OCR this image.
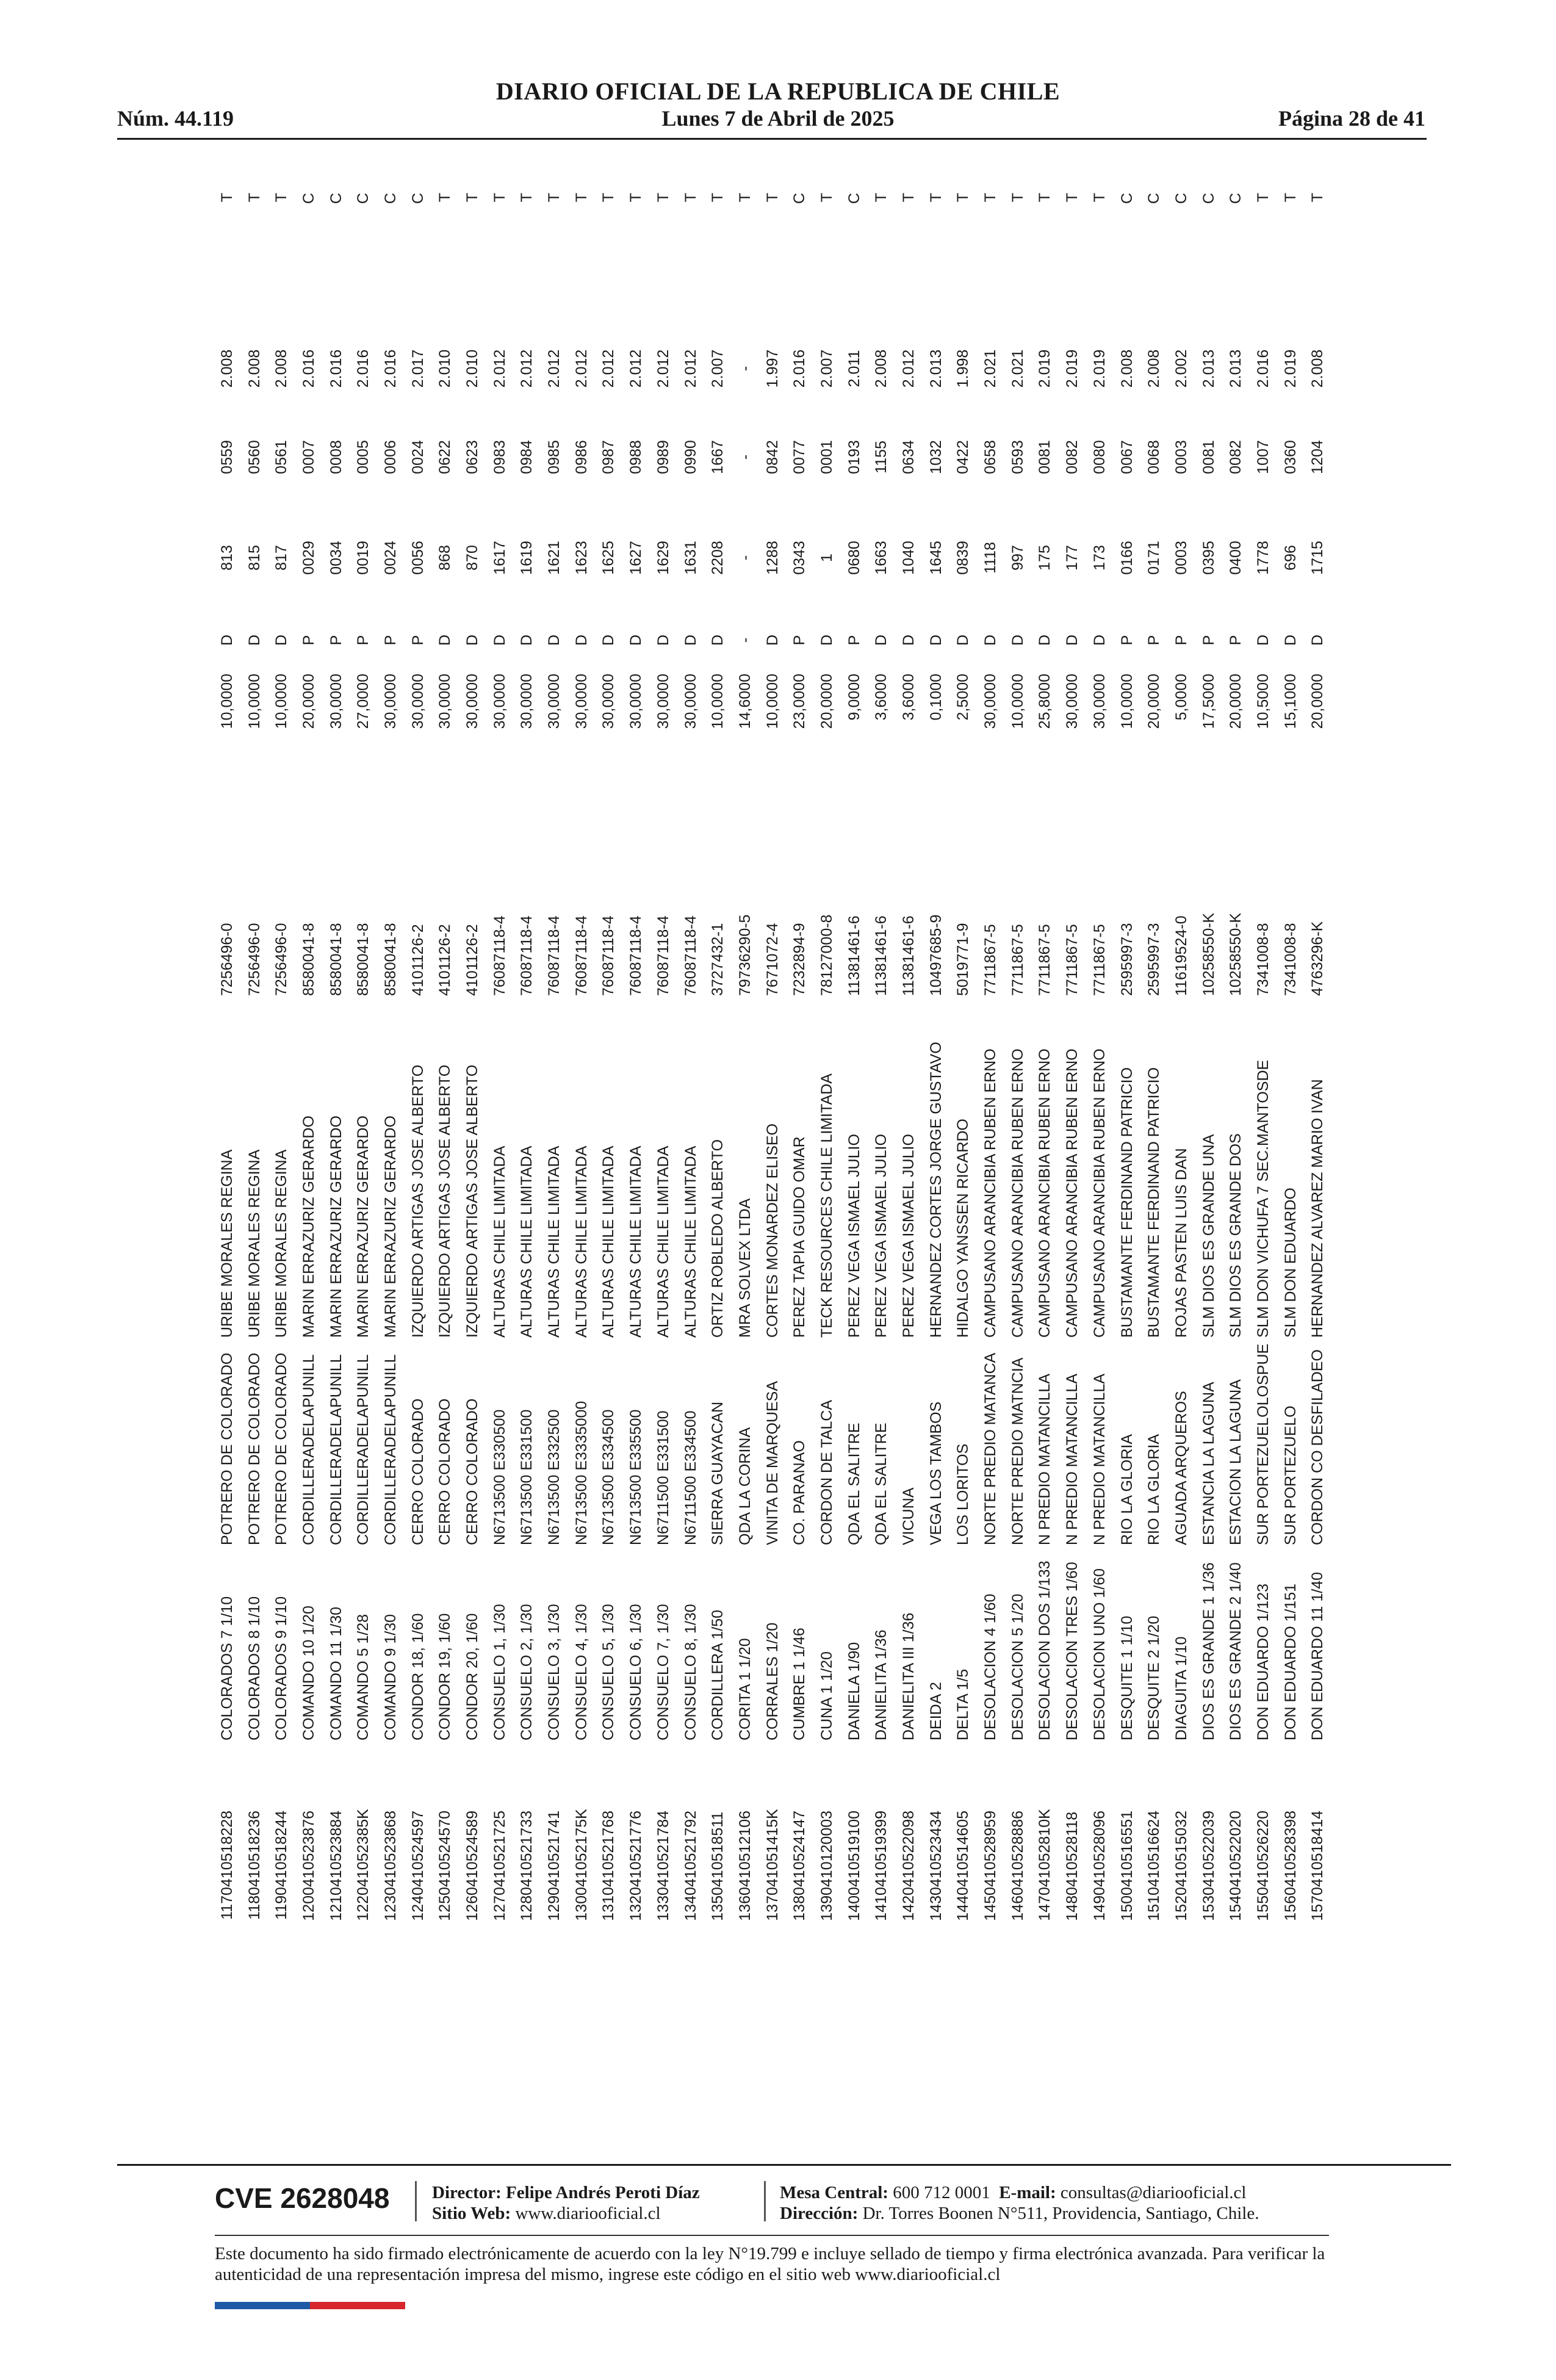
DIARIO OFICIAL DE LA REPUBLICA DE CHILE
Núm. 44.119	Lunes 7 de Abril de 2025	Página 28 de 41
117	0410518228	COLORADOS 7 1/10	POTRERO DE COLORADO	URIBE MORALES REGINA	7256496-0	10,0000	D	813	0559	2.008	T
118	0410518236	COLORADOS 8 1/10	POTRERO DE COLORADO	URIBE MORALES REGINA	7256496-0	10,0000	D	815	0560	2.008	T
119	0410518244	COLORADOS 9 1/10	POTRERO DE COLORADO	URIBE MORALES REGINA	7256496-0	10,0000	D	817	0561	2.008	T
120	0410523876	COMANDO 10 1/20	CORDILLERADELAPUNILL	MARIN ERRAZURIZ GERARDO	8580041-8	20,0000	P	0029	0007	2.016	C
121	0410523884	COMANDO 11 1/30	CORDILLERADELAPUNILL	MARIN ERRAZURIZ GERARDO	8580041-8	30,0000	P	0034	0008	2.016	C
122	041052385K	COMANDO 5 1/28	CORDILLERADELAPUNILL	MARIN ERRAZURIZ GERARDO	8580041-8	27,0000	P	0019	0005	2.016	C
123	0410523868	COMANDO 9 1/30	CORDILLERADELAPUNILL	MARIN ERRAZURIZ GERARDO	8580041-8	30,0000	P	0024	0006	2.016	C
124	0410524597	CONDOR 18, 1/60	CERRO COLORADO	IZQUIERDO ARTIGAS JOSE ALBERTO	4101126-2	30,0000	P	0056	0024	2.017	C
125	0410524570	CONDOR 19, 1/60	CERRO COLORADO	IZQUIERDO ARTIGAS JOSE ALBERTO	4101126-2	30,0000	D	868	0622	2.010	T
126	0410524589	CONDOR 20, 1/60	CERRO COLORADO	IZQUIERDO ARTIGAS JOSE ALBERTO	4101126-2	30,0000	D	870	0623	2.010	T
127	0410521725	CONSUELO 1, 1/30	N6713500 E330500	ALTURAS CHILE LIMITADA	76087118-4	30,0000	D	1617	0983	2.012	T
128	0410521733	CONSUELO 2, 1/30	N6713500 E331500	ALTURAS CHILE LIMITADA	76087118-4	30,0000	D	1619	0984	2.012	T
129	0410521741	CONSUELO 3, 1/30	N6713500 E332500	ALTURAS CHILE LIMITADA	76087118-4	30,0000	D	1621	0985	2.012	T
130	041052175K	CONSUELO 4, 1/30	N6713500 E3335000	ALTURAS CHILE LIMITADA	76087118-4	30,0000	D	1623	0986	2.012	T
131	0410521768	CONSUELO 5, 1/30	N6713500 E334500	ALTURAS CHILE LIMITADA	76087118-4	30,0000	D	1625	0987	2.012	T
132	0410521776	CONSUELO 6, 1/30	N6713500 E335500	ALTURAS CHILE LIMITADA	76087118-4	30,0000	D	1627	0988	2.012	T
133	0410521784	CONSUELO 7, 1/30	N6711500 E331500	ALTURAS CHILE LIMITADA	76087118-4	30,0000	D	1629	0989	2.012	T
134	0410521792	CONSUELO 8, 1/30	N6711500 E334500	ALTURAS CHILE LIMITADA	76087118-4	30,0000	D	1631	0990	2.012	T
135	0410518511	CORDILLERA 1/50	SIERRA GUAYACAN	ORTIZ ROBLEDO ALBERTO	3727432-1	10,0000	D	2208	1667	2.007	T
136	0410512106	CORITA 1 1/20	QDA LA CORINA	MRA SOLVEX LTDA	79736290-5	14,6000	-	-	-	-	T
137	041051415K	CORRALES 1/20	VINITA DE MARQUESA	CORTES MONARDEZ ELISEO	7671072-4	10,0000	D	1288	0842	1.997	T
138	0410524147	CUMBRE 1 1/46	CO. PARANAO	PEREZ TAPIA GUIDO OMAR	7232894-9	23,0000	P	0343	0077	2.016	C
139	0410120003	CUNA 1 1/20	CORDON DE TALCA	TECK RESOURCES CHILE LIMITADA	78127000-8	20,0000	D	1	0001	2.007	T
140	0410519100	DANIELA 1/90	QDA EL SALITRE	PEREZ VEGA ISMAEL JULIO	11381461-6	9,0000	P	0680	0193	2.011	C
141	0410519399	DANIELITA 1/36	QDA EL SALITRE	PEREZ VEGA ISMAEL JULIO	11381461-6	3,6000	D	1663	1155	2.008	T
142	0410522098	DANIELITA III 1/36	VICUNA	PEREZ VEGA ISMAEL JULIO	11381461-6	3,6000	D	1040	0634	2.012	T
143	0410523434	DEIDA 2	VEGA LOS TAMBOS	HERNANDEZ CORTES JORGE GUSTAVO	10497685-9	0,1000	D	1645	1032	2.013	T
144	0410514605	DELTA 1/5	LOS LORITOS	HIDALGO YANSSEN RICARDO	5019771-9	2,5000	D	0839	0422	1.998	T
145	0410528959	DESOLACION 4 1/60	NORTE PREDIO MATANCA	CAMPUSANO ARANCIBIA RUBEN ERNO	7711867-5	30,0000	D	1118	0658	2.021	T
146	0410528886	DESOLACION 5 1/20	NORTE PREDIO MATNCIA	CAMPUSANO ARANCIBIA RUBEN ERNO	7711867-5	10,0000	D	997	0593	2.021	T
147	041052810K	DESOLACION DOS 1/133	N PREDIO MATANCILLA	CAMPUSANO ARANCIBIA RUBEN ERNO	7711867-5	25,8000	D	175	0081	2.019	T
148	0410528118	DESOLACION TRES 1/60	N PREDIO MATANCILLA	CAMPUSANO ARANCIBIA RUBEN ERNO	7711867-5	30,0000	D	177	0082	2.019	T
149	0410528096	DESOLACION UNO 1/60	N PREDIO MATANCILLA	CAMPUSANO ARANCIBIA RUBEN ERNO	7711867-5	30,0000	D	173	0080	2.019	T
150	0410516551	DESQUITE 1 1/10	RIO LA GLORIA	BUSTAMANTE FERDINAND PATRICIO	2595997-3	10,0000	P	0166	0067	2.008	C
151	0410516624	DESQUITE 2 1/20	RIO LA GLORIA	BUSTAMANTE FERDINAND PATRICIO	2595997-3	20,0000	P	0171	0068	2.008	C
152	0410515032	DIAGUITA 1/10	AGUADA ARQUEROS	ROJAS PASTEN LUIS DAN	11619524-0	5,0000	P	0003	0003	2.002	C
153	0410522039	DIOS ES GRANDE 1 1/36	ESTANCIA LA LAGUNA	SLM DIOS ES GRANDE UNA	10258550-K	17,5000	P	0395	0081	2.013	C
154	0410522020	DIOS ES GRANDE 2 1/40	ESTACION LA LAGUNA	SLM DIOS ES GRANDE DOS	10258550-K	20,0000	P	0400	0082	2.013	C
155	0410526220	DON EDUARDO 1/123	SUR PORTEZUELOLOSPUE	SLM DON VICHUFA 7 SEC.MANTOSDE	7341008-8	10,5000	D	1778	1007	2.016	T
156	0410528398	DON EDUARDO 1/151	SUR PORTEZUELO	SLM DON EDUARDO	7341008-8	15,1000	D	696	0360	2.019	T
157	0410518414	DON EDUARDO 11 1/40	CORDON CO DESFILADEO	HERNANDEZ ALVAREZ MARIO IVAN	4763296-K	20,0000	D	1715	1204	2.008	T
CVE 2628048 Director: Felipe Andrés Peroti Díaz
Sitio Web: www.diariooficial.cl
Mesa Central: 600 712 0001 E-mail: consultas@diariooficial.cl
Dirección: Dr. Torres Boonen N°511, Providencia, Santiago, Chile.
Este documento ha sido firmado electrónicamente de acuerdo con la ley N°19.799 e incluye sellado de tiempo y firma electrónica avanzada. Para verificar la autenticidad de una representación impresa del mismo, ingrese este código en el sitio web www.diariooficial.cl
